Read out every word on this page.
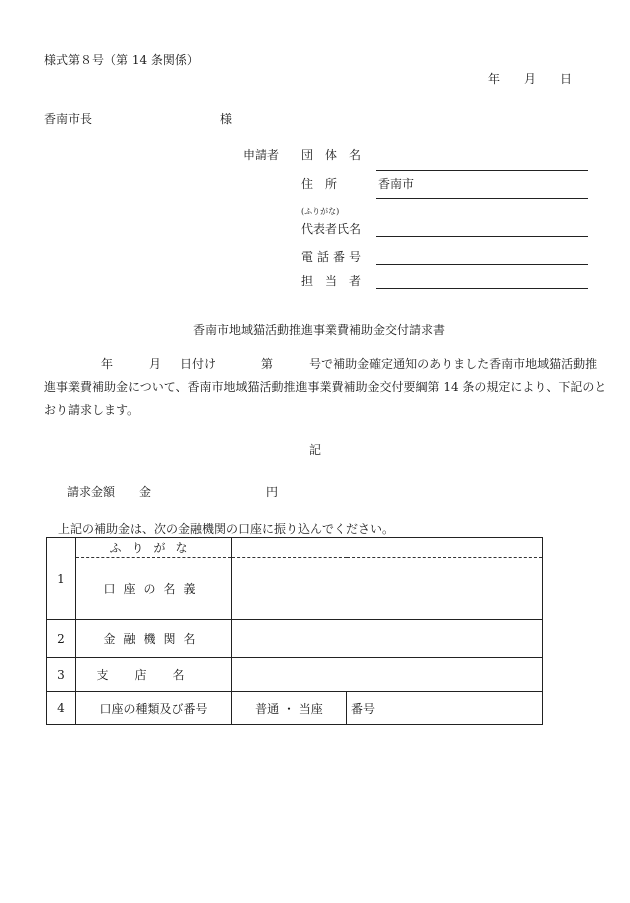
様式第８号（第 14 条関係）
年 月 日
香南市長	様
申請者 団　体　名
住　所	香南市
(ふりがな)
代表者氏名
電話番号
担当者
香南市地域猫活動推進事業費補助金交付請求書
年	月 日付け	第	号で補助金確定通知のありました香南市地域猫活動推
進事業費補助金について、香南市地域猫活動推進事業費補助金交付要綱第 14 条の規定により、下記のと
おり請求します。
記
請求金額 金	円
上記の補助金は、次の金融機関の口座に振り込んでください。
1	ふりがな		
	口座の名義		
2	金融機関名		
3	支店名		
4	口座の種類及び番号	普通 ・ 当座	番号
